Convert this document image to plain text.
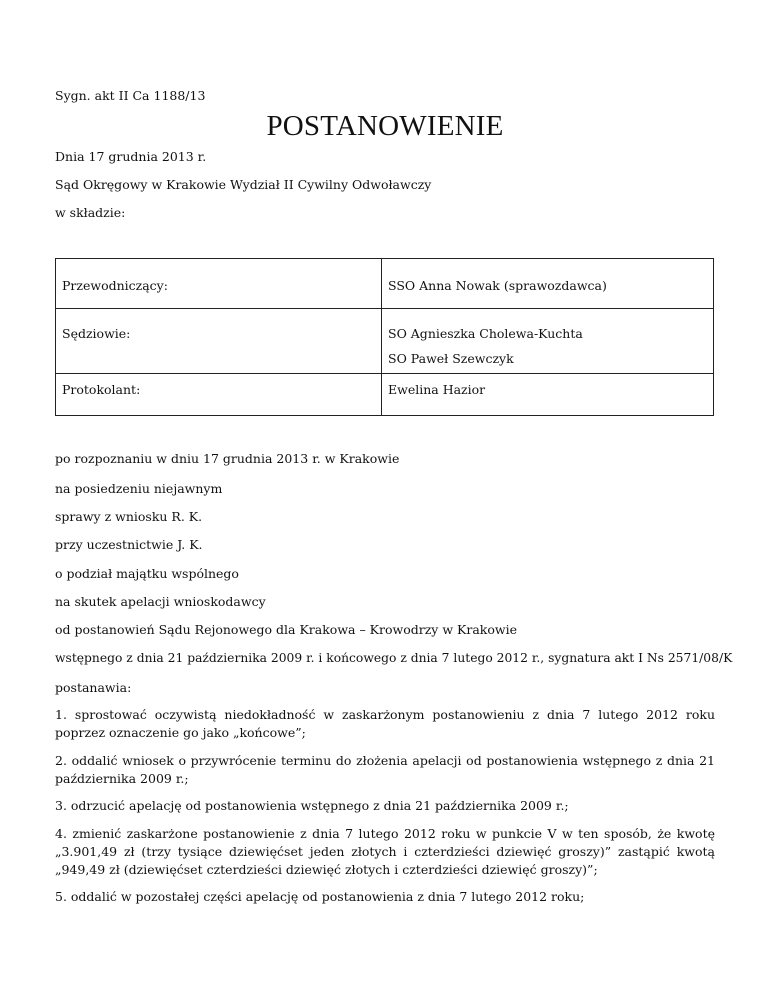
Sygn. akt II Ca 1188/13
POSTANOWIENIE
Dnia 17 grudnia 2013 r.
Sąd Okręgowy w Krakowie Wydział II Cywilny Odwoławczy
w składzie:
Przewodniczący:	SSO Anna Nowak (sprawozdawca)

Sędziowie:	SO Agnieszka Cholewa-Kuchta
SO Paweł Szewczyk

Protokolant:	Ewelina Hazior
po rozpoznaniu w dniu 17 grudnia 2013 r. w Krakowie
na posiedzeniu niejawnym
sprawy z wniosku R. K.
przy uczestnictwie J. K.
o podział majątku wspólnego
na skutek apelacji wnioskodawcy
od postanowień Sądu Rejonowego dla Krakowa – Krowodrzy w Krakowie
wstępnego z dnia 21 października 2009 r. i końcowego z dnia 7 lutego 2012 r., sygnatura akt I Ns 2571/08/K
postanawia:
1. sprostować oczywistą niedokładność w zaskarżonym postanowieniu z dnia 7 lutego 2012 roku poprzez oznaczenie go jako „końcowe”;
2. oddalić wniosek o przywrócenie terminu do złożenia apelacji od postanowienia wstępnego z dnia 21 października 2009 r.;
3. odrzucić apelację od postanowienia wstępnego z dnia 21 października 2009 r.;
4. zmienić zaskarżone postanowienie z dnia 7 lutego 2012 roku w punkcie V w ten sposób, że kwotę „3.901,49 zł (trzy tysiące dziewięćset jeden złotych i czterdzieści dziewięć groszy)” zastąpić kwotą „949,49 zł (dziewięćset czterdzieści dziewięć złotych i czterdzieści dziewięć groszy)”;
5. oddalić w pozostałej części apelację od postanowienia z dnia 7 lutego 2012 roku;
